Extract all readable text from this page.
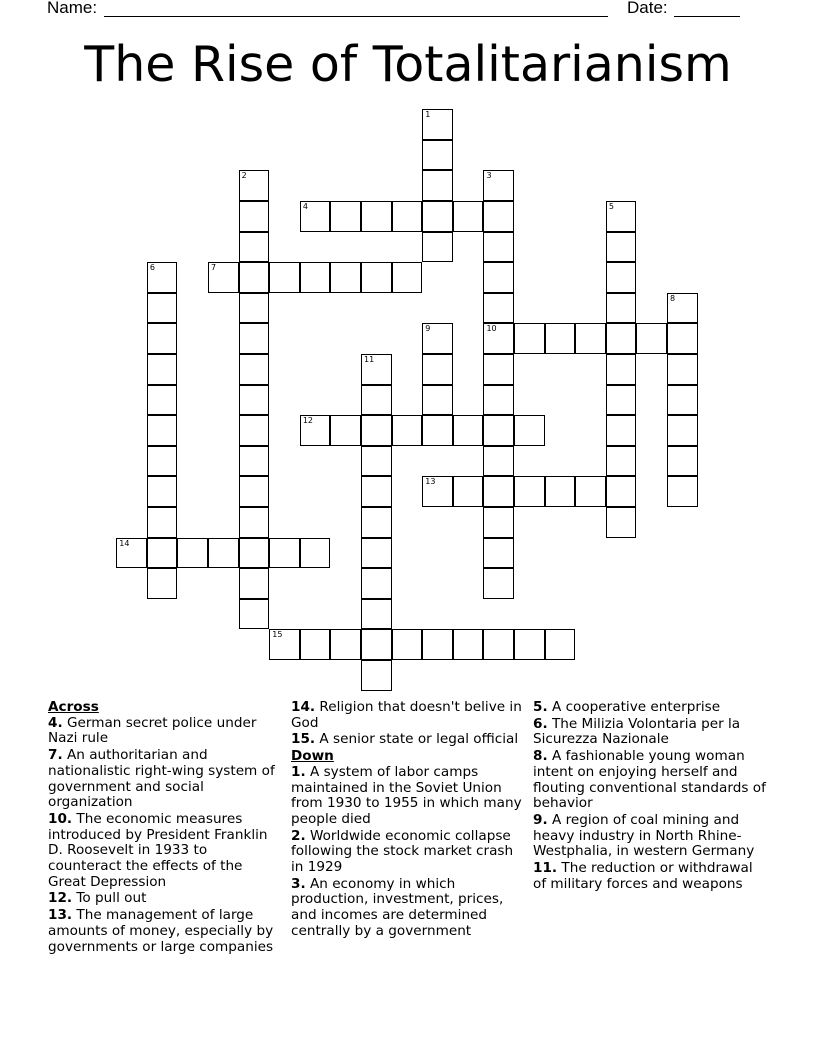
Name:	Date:
The Rise of Totalitarianism
1
2	3
10
4	5
6	7
8
9
11
12
13
14
15
Across
4. German secret police under Nazi rule
7. An authoritarian and nationalistic right-wing system of government and social organization
10. The economic measures introduced by President Franklin D. Roosevelt in 1933 to counteract the effects of the Great Depression
12. To pull out
13. The management of large amounts of money, especially by governments or large companies
14. Religion that doesn't belive in God
15. A senior state or legal official
Down
1. A system of labor camps maintained in the Soviet Union from 1930 to 1955 in which many people died
2. Worldwide economic collapse following the stock market crash in 1929
3. An economy in which production, investment, prices, and incomes are determined centrally by a government
5. A cooperative enterprise
6. The Milizia Volontaria per la Sicurezza Nazionale
8. A fashionable young woman intent on enjoying herself and flouting conventional standards of behavior
9. A region of coal mining and heavy industry in North Rhine-Westphalia, in western Germany
11. The reduction or withdrawal of military forces and weapons
